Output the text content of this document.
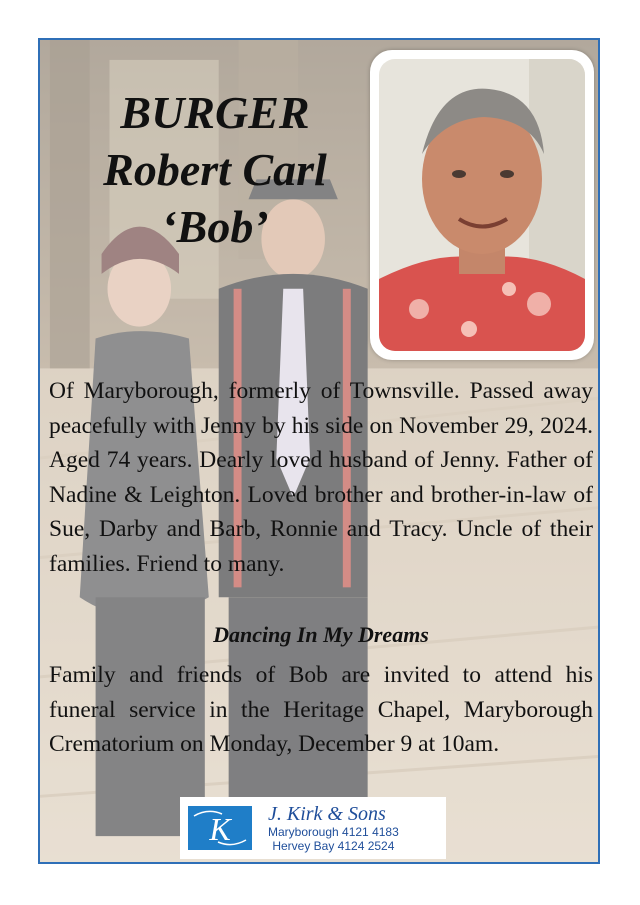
BURGER
Robert Carl
‘Bob’
Of Maryborough, formerly of Townsville. Passed away peacefully with Jenny by his side on November 29, 2024. Aged 74 years. Dearly loved husband of Jenny. Father of Nadine & Leighton. Loved brother and brother-in-law of Sue, Darby and Barb, Ronnie and Tracy. Uncle of their families. Friend to many.
Dancing In My Dreams
Family and friends of Bob are invited to attend his funeral service in the Heritage Chapel, Maryborough Crematorium on Monday, December 9 at 10am.
K J. Kirk & Sons
Maryborough 4121 4183
Hervey Bay 4124 2524
